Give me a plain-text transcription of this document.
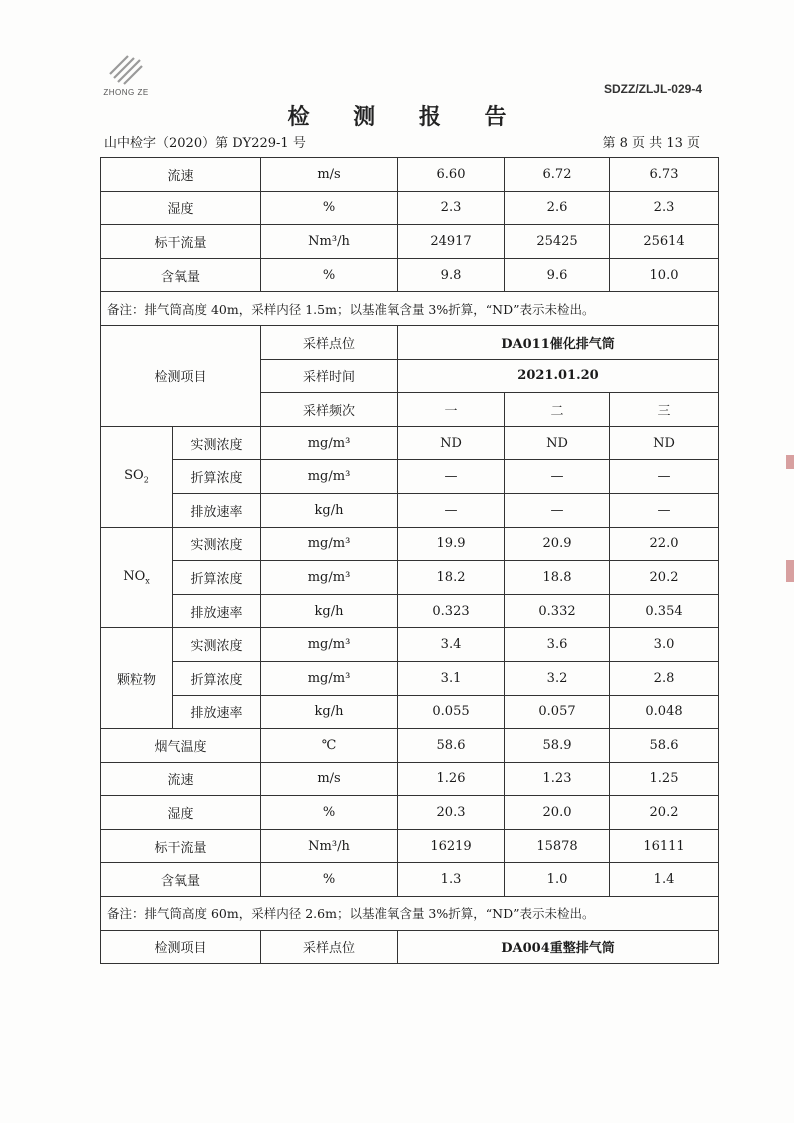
ZHONG ZE	SDZZ/ZLJL-029-4
检 测 报 告
山中检字（2020）第 DY229-1 号	第 8 页 共 13 页
流速		m/s	6.60	6.72	6.73
湿度		%	2.3	2.6	2.3
标干流量		Nm³/h	24917	25425	25614
含氧量		%	9.8	9.6	10.0
备注：排气筒高度 40m，采样内径 1.5m；以基准氧含量 3%折算，“ND”表示未检出。					
检测项目		采样点位	DA011催化排气筒		
		采样时间	2021.01.20		
		采样频次	一	二	三
$SO_2$	实测浓度	mg/m³	ND	ND	ND
	折算浓度	mg/m³	—	—	—
	排放速率	kg/h	—	—	—
$NO_x$	实测浓度	mg/m³	19.9	20.9	22.0
	折算浓度	mg/m³	18.2	18.8	20.2
	排放速率	kg/h	0.323	0.332	0.354
颗粒物	实测浓度	mg/m³	3.4	3.6	3.0
	折算浓度	mg/m³	3.1	3.2	2.8
	排放速率	kg/h	0.055	0.057	0.048
烟气温度		℃	58.6	58.9	58.6
流速		m/s	1.26	1.23	1.25
湿度		%	20.3	20.0	20.2
标干流量		Nm³/h	16219	15878	16111
含氧量		%	1.3	1.0	1.4
备注：排气筒高度 60m，采样内径 2.6m；以基准氧含量 3%折算，“ND”表示未检出。					
检测项目		采样点位	DA004重整排气筒		
